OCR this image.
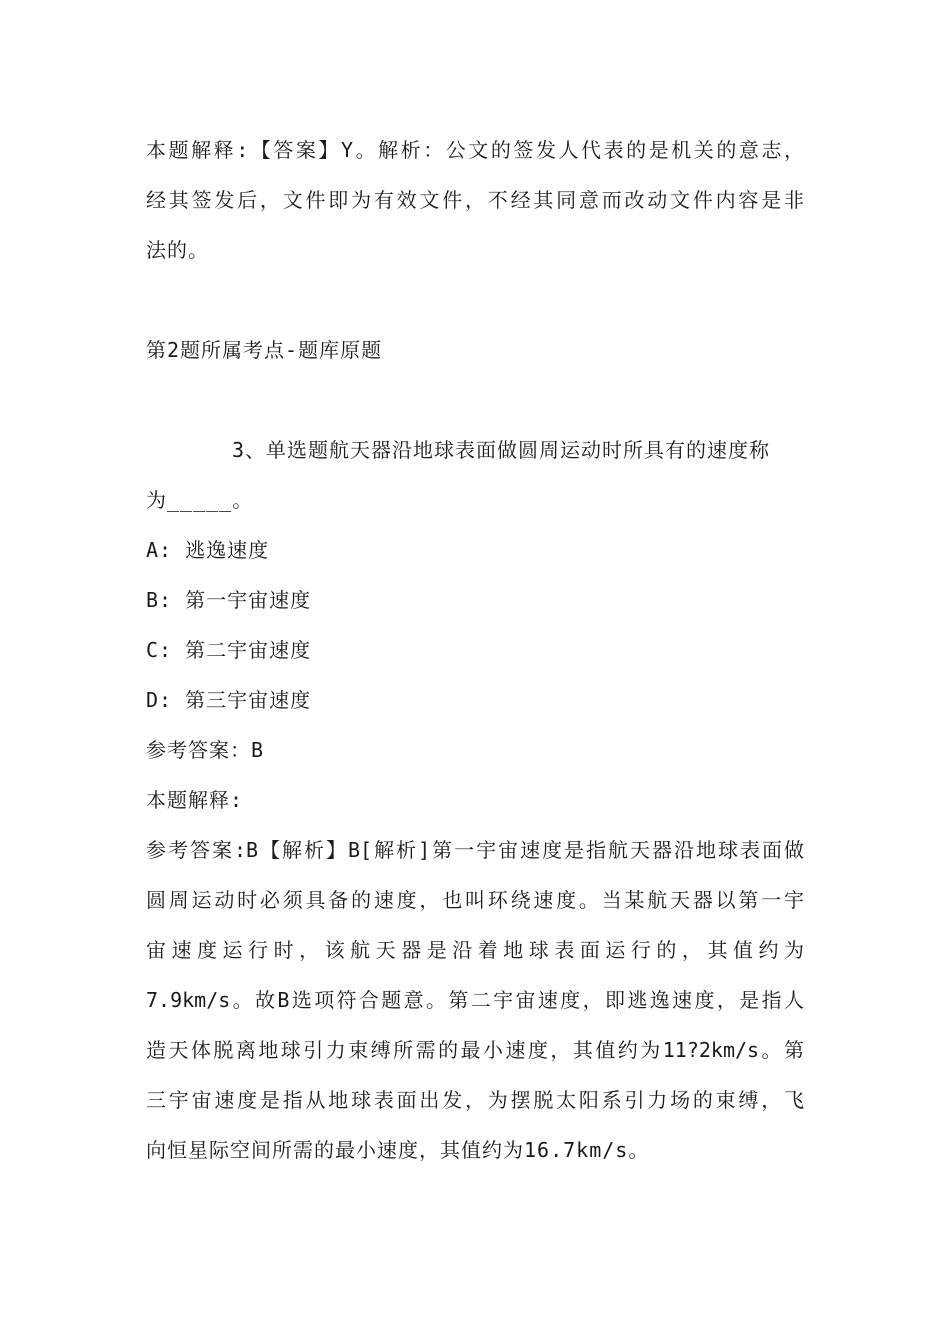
本题解释:【答案】Y。解析：公文的签发人代表的是机关的意志，
经其签发后，文件即为有效文件，不经其同意而改动文件内容是非
法的。
第2题所属考点-题库原题
3、单选题航天器沿地球表面做圆周运动时所具有的速度称
为_____。
A: 逃逸速度
B: 第一宇宙速度
C: 第二宇宙速度
D: 第三宇宙速度
参考答案：B
本题解释:
参考答案:B【解析】B[解析]第一宇宙速度是指航天器沿地球表面做
圆周运动时必须具备的速度，也叫环绕速度。当某航天器以第一宇
宙速度运行时，该航天器是沿着地球表面运行的，其值约为
7.9km/s。故B选项符合题意。第二宇宙速度，即逃逸速度，是指人
造天体脱离地球引力束缚所需的最小速度，其值约为11?2km/s。第
三宇宙速度是指从地球表面出发，为摆脱太阳系引力场的束缚，飞
向恒星际空间所需的最小速度，其值约为16.7km/s。
